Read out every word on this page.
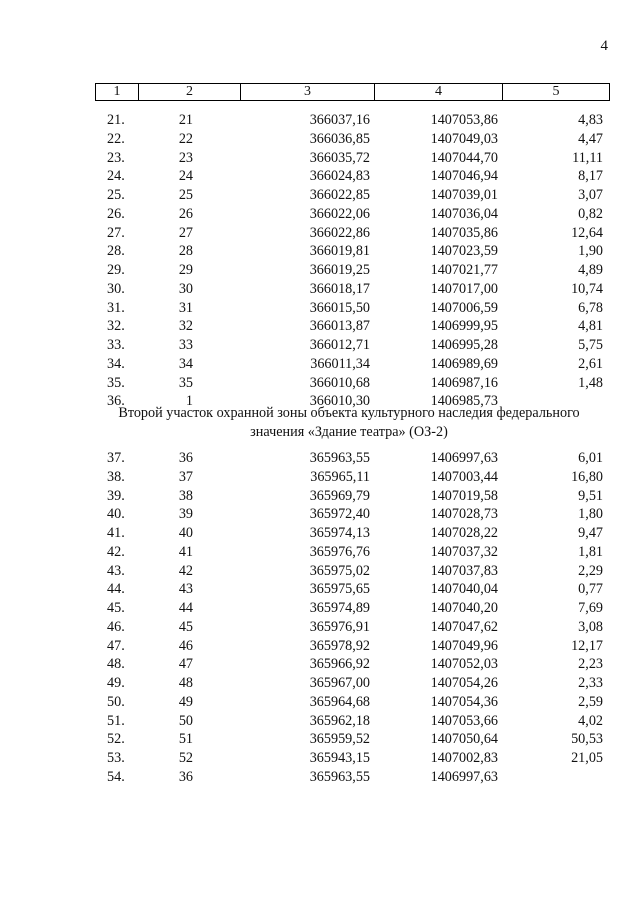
4
1	2	3	4	5
21.	21	366037,16	1407053,86	4,83
22.	22	366036,85	1407049,03	4,47
23.	23	366035,72	1407044,70	11,11
24.	24	366024,83	1407046,94	8,17
25.	25	366022,85	1407039,01	3,07
26.	26	366022,06	1407036,04	0,82
27.	27	366022,86	1407035,86	12,64
28.	28	366019,81	1407023,59	1,90
29.	29	366019,25	1407021,77	4,89
30.	30	366018,17	1407017,00	10,74
31.	31	366015,50	1407006,59	6,78
32.	32	366013,87	1406999,95	4,81
33.	33	366012,71	1406995,28	5,75
34.	34	366011,34	1406989,69	2,61
35.	35	366010,68	1406987,16	1,48
36.	1	366010,30	1406985,73
Второй участок охранной зоны объекта культурного наследия федерального
значения «Здание театра» (ОЗ-2)
37.	36	365963,55	1406997,63	6,01
38.	37	365965,11	1407003,44	16,80
39.	38	365969,79	1407019,58	9,51
40.	39	365972,40	1407028,73	1,80
41.	40	365974,13	1407028,22	9,47
42.	41	365976,76	1407037,32	1,81
43.	42	365975,02	1407037,83	2,29
44.	43	365975,65	1407040,04	0,77
45.	44	365974,89	1407040,20	7,69
46.	45	365976,91	1407047,62	3,08
47.	46	365978,92	1407049,96	12,17
48.	47	365966,92	1407052,03	2,23
49.	48	365967,00	1407054,26	2,33
50.	49	365964,68	1407054,36	2,59
51.	50	365962,18	1407053,66	4,02
52.	51	365959,52	1407050,64	50,53
53.	52	365943,15	1407002,83	21,05
54.	36	365963,55	1406997,63
